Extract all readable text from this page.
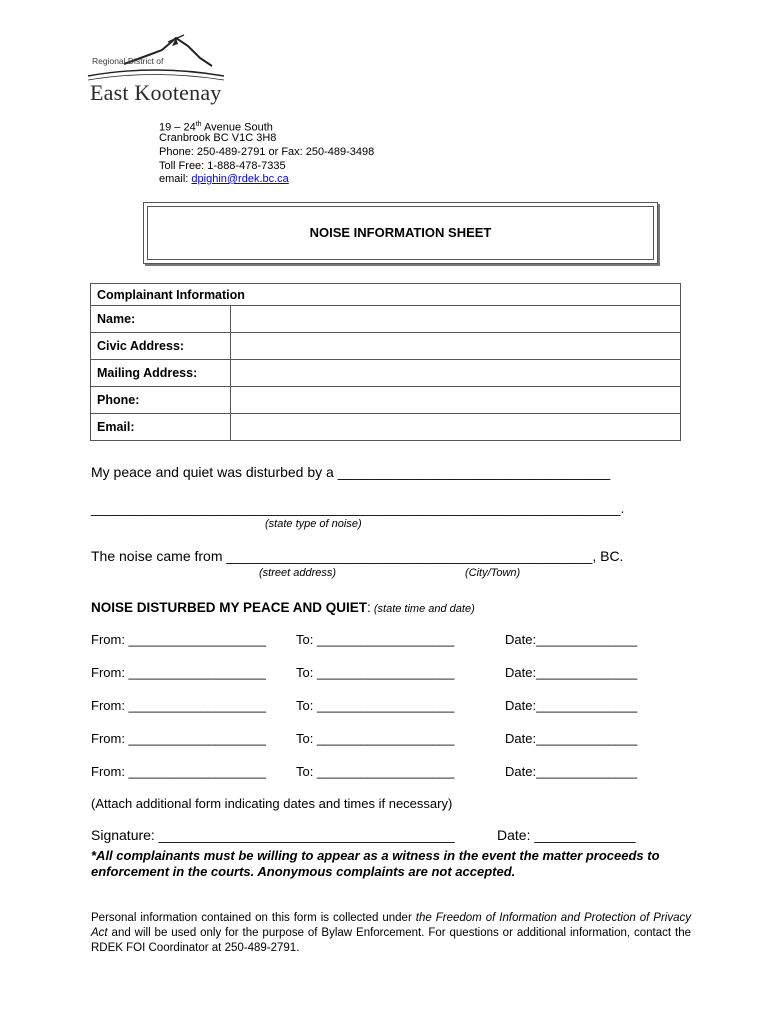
Regional District of
East Kootenay
19 – 24th Avenue South
Cranbrook BC V1C 3H8
Phone: 250-489-2791 or Fax: 250-489-3498
Toll Free: 1-888-478-7335
email: dpighin@rdek.bc.ca
NOISE INFORMATION SHEET
Complainant Information	
Name:	
Civic Address:	
Mailing Address:	
Phone:	
Email:	
My peace and quiet was disturbed by a ___________________________________
____________________________________________________________________.
(state type of noise)
The noise came from _______________________________________________, BC.
(street address)	(City/Town)
NOISE DISTURBED MY PEACE AND QUIET: (state time and date)
From: ___________________ To: ___________________	Date:______________
From: ___________________ To: ___________________	Date:______________
From: ___________________ To: ___________________	Date:______________
From: ___________________ To: ___________________	Date:______________
From: ___________________ To: ___________________	Date:______________
(Attach additional form indicating dates and times if necessary)
Signature: ______________________________________	Date: _____________
*All complainants must be willing to appear as a witness in the event the matter proceeds to enforcement in the courts. Anonymous complaints are not accepted.
Personal information contained on this form is collected under the Freedom of Information and Protection of Privacy Act and will be used only for the purpose of Bylaw Enforcement. For questions or additional information, contact the RDEK FOI Coordinator at 250-489-2791.
